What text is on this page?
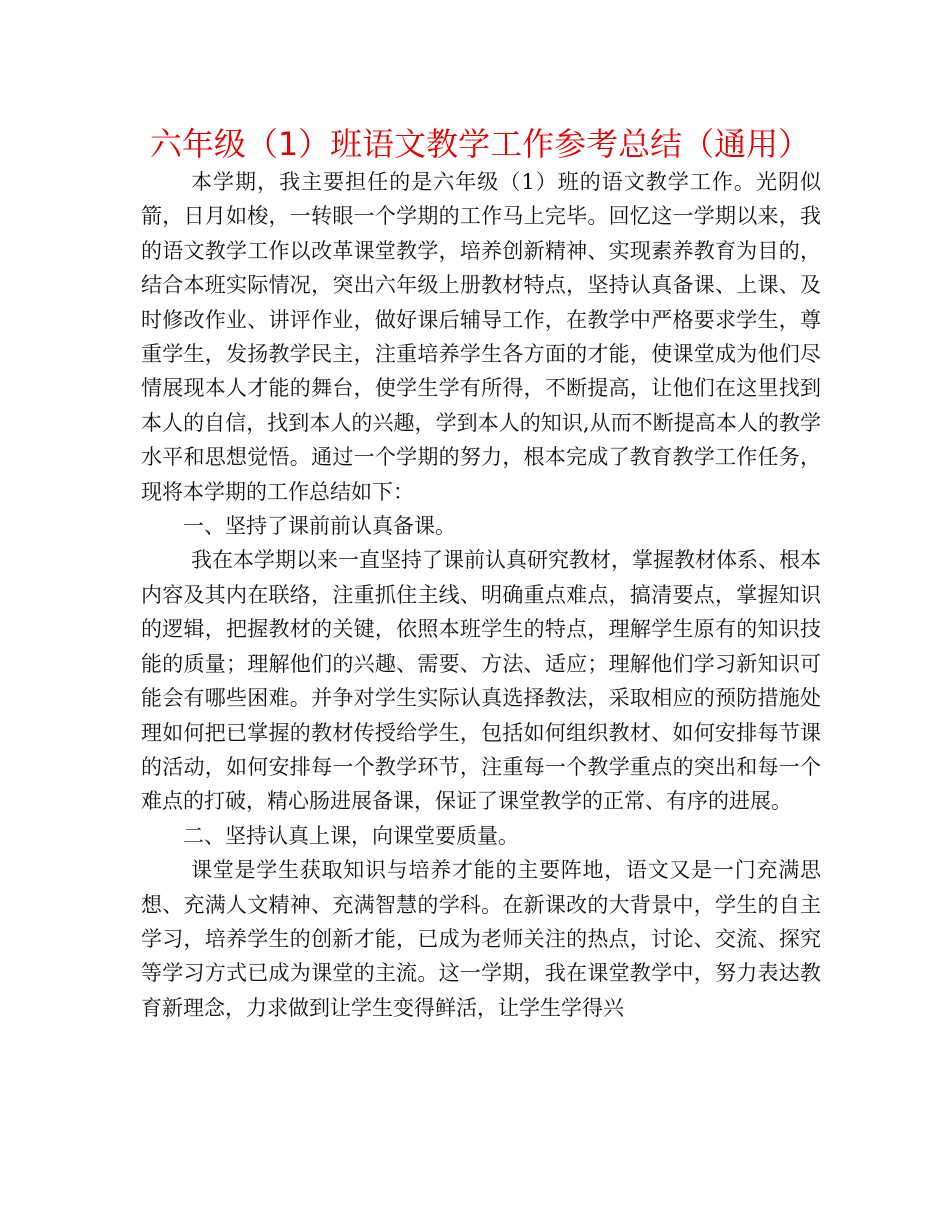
六年级（1）班语文教学工作参考总结（通用）

本学期，我主要担任的是六年级（1）班的语文教学工作。光阴似箭，日月如梭，一转眼一个学期的工作马上完毕。回忆这一学期以来，我的语文教学工作以改革课堂教学，培养创新精神、实现素养教育为目的，结合本班实际情况，突出六年级上册教材特点，坚持认真备课、上课、及时修改作业、讲评作业，做好课后辅导工作，在教学中严格要求学生，尊重学生，发扬教学民主，注重培养学生各方面的才能，使课堂成为他们尽情展现本人才能的舞台，使学生学有所得，不断提高，让他们在这里找到本人的自信，找到本人的兴趣，学到本人的知识,从而不断提高本人的教学水平和思想觉悟。通过一个学期的努力，根本完成了教育教学工作任务，现将本学期的工作总结如下：

一、坚持了课前前认真备课。

我在本学期以来一直坚持了课前认真研究教材，掌握教材体系、根本内容及其内在联络，注重抓住主线、明确重点难点，搞清要点，掌握知识的逻辑，把握教材的关键，依照本班学生的特点，理解学生原有的知识技能的质量；理解他们的兴趣、需要、方法、适应；理解他们学习新知识可能会有哪些困难。并争对学生实际认真选择教法，采取相应的预防措施处理如何把已掌握的教材传授给学生，包括如何组织教材、如何安排每节课的活动，如何安排每一个教学环节，注重每一个教学重点的突出和每一个难点的打破，精心肠进展备课，保证了课堂教学的正常、有序的进展。

二、坚持认真上课，向课堂要质量。

课堂是学生获取知识与培养才能的主要阵地，语文又是一门充满思想、充满人文精神、充满智慧的学科。在新课改的大背景中，学生的自主学习，培养学生的创新才能，已成为老师关注的热点，讨论、交流、探究等学习方式已成为课堂的主流。这一学期，我在课堂教学中，努力表达教育新理念，力求做到让学生变得鲜活，让学生学得兴
